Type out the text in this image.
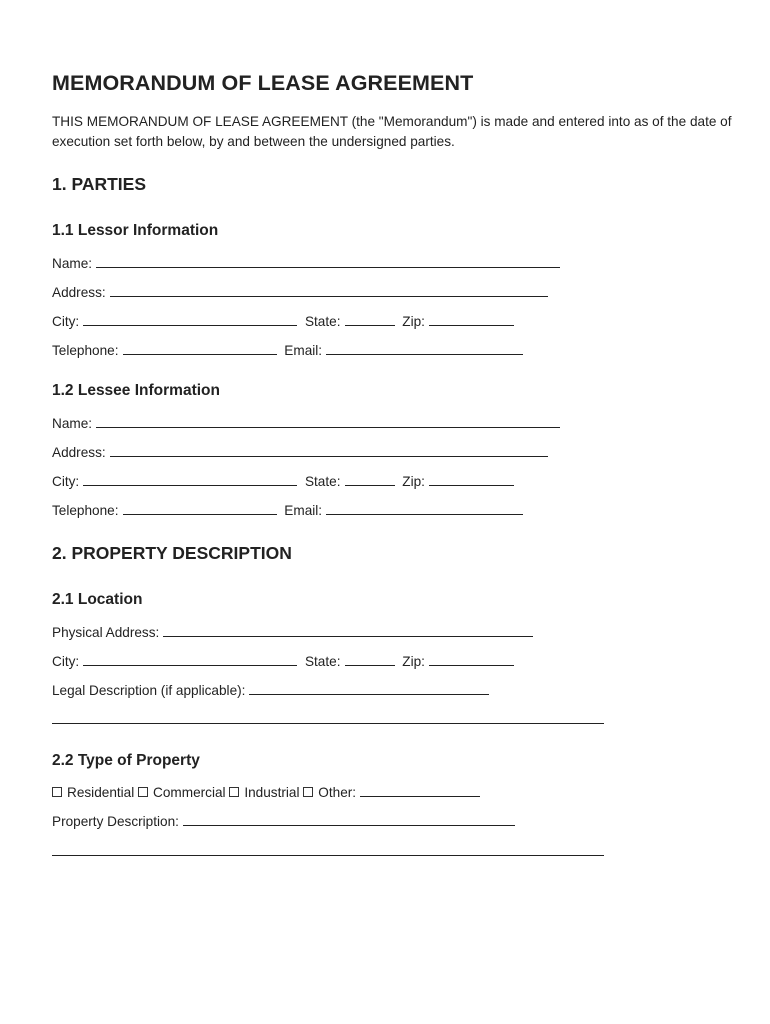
MEMORANDUM OF LEASE AGREEMENT

THIS MEMORANDUM OF LEASE AGREEMENT (the "Memorandum") is made and entered into as of the date of execution set forth below, by and between the undersigned parties.

1. PARTIES
1.1 Lessor Information
Name:
Address:
City:	State:	Zip:
Telephone:	Email:
1.2 Lessee Information
Name:
Address:
City:	State:	Zip:
Telephone:	Email:
2. PROPERTY DESCRIPTION
2.1 Location
Physical Address:
City:	State:	Zip:
Legal Description (if applicable):
2.2 Type of Property
Residential Commercial Industrial Other:
Property Description:
